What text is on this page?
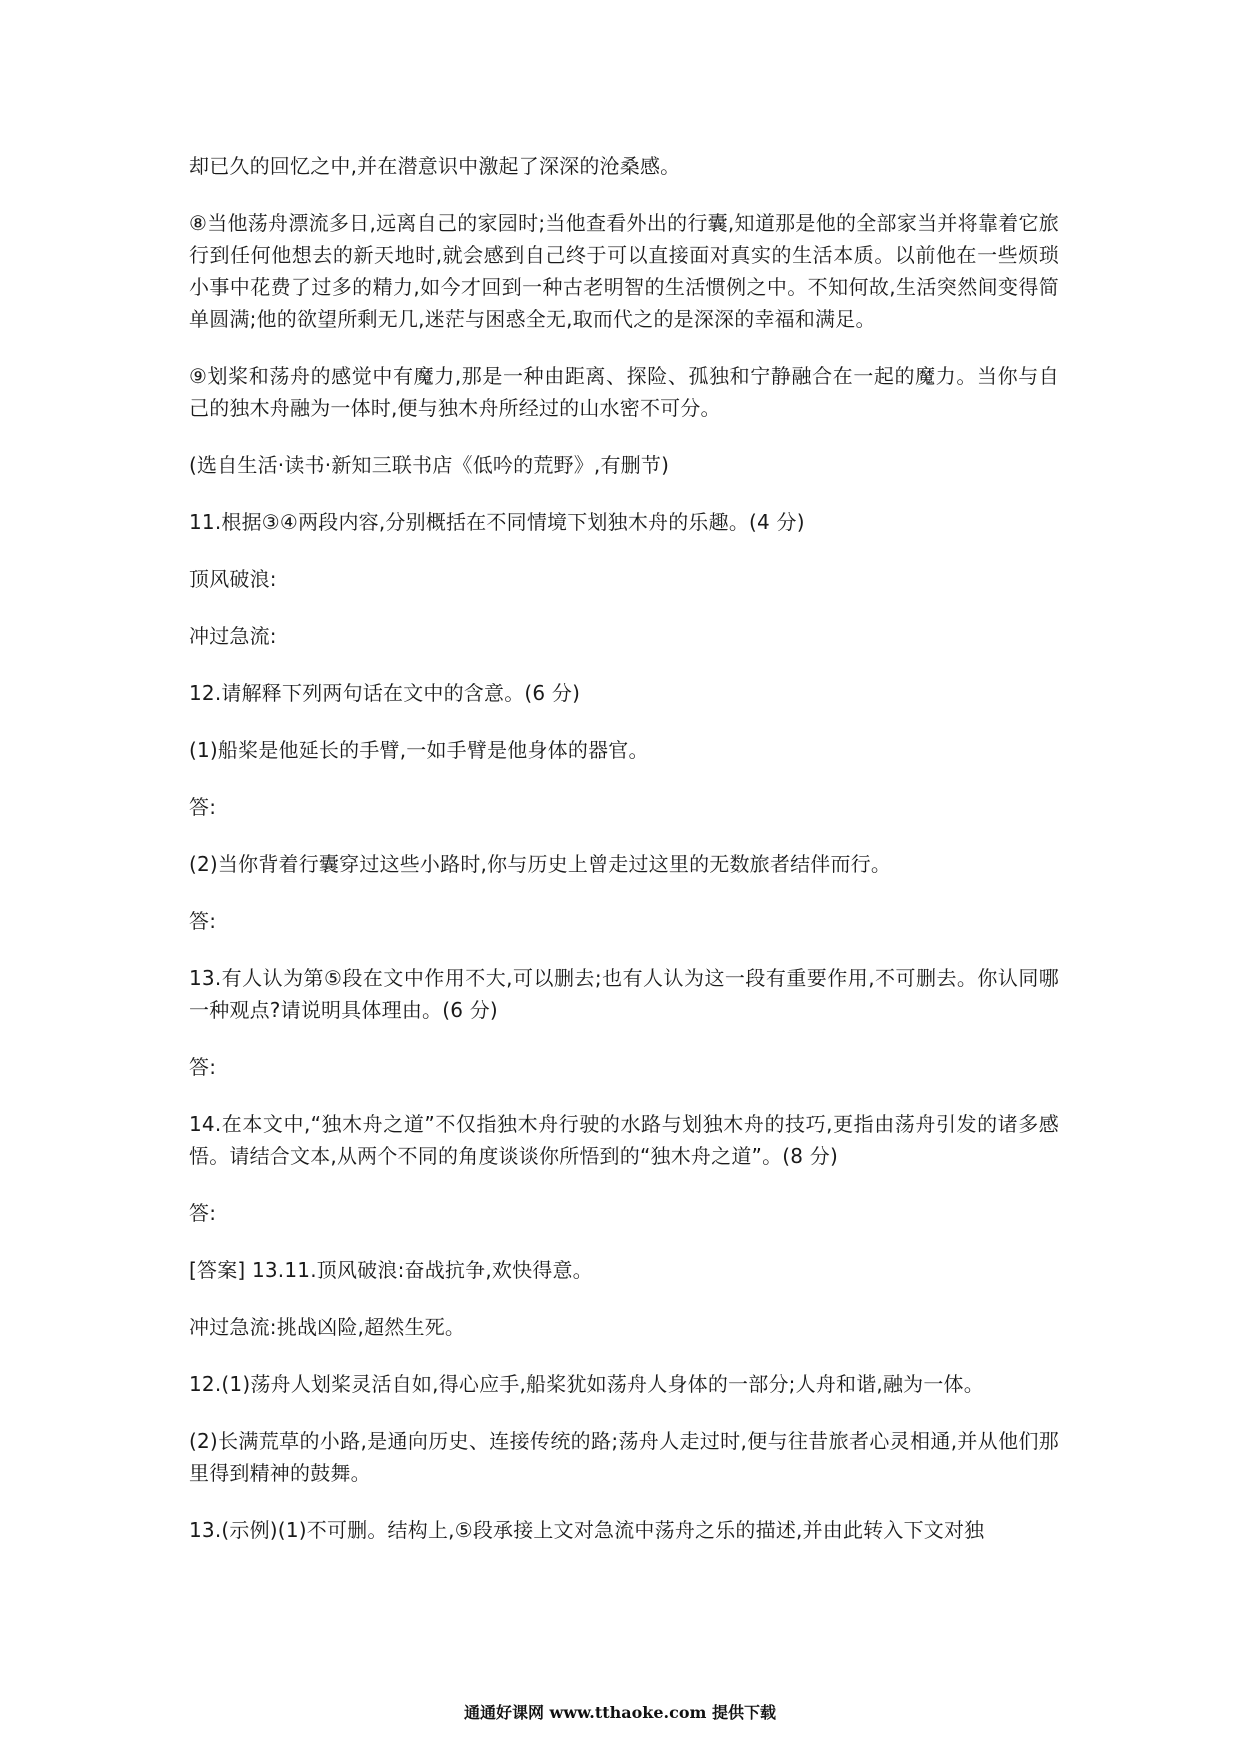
却已久的回忆之中,并在潜意识中激起了深深的沧桑感。

⑧当他荡舟漂流多日,远离自己的家园时;当他查看外出的行囊,知道那是他的全部家当并将靠着它旅行到任何他想去的新天地时,就会感到自己终于可以直接面对真实的生活本质。以前他在一些烦琐小事中花费了过多的精力,如今才回到一种古老明智的生活惯例之中。不知何故,生活突然间变得简单圆满;他的欲望所剩无几,迷茫与困惑全无,取而代之的是深深的幸福和满足。

⑨划桨和荡舟的感觉中有魔力,那是一种由距离、探险、孤独和宁静融合在一起的魔力。当你与自己的独木舟融为一体时,便与独木舟所经过的山水密不可分。

(选自生活·读书·新知三联书店《低吟的荒野》,有删节)

11.根据③④两段内容,分别概括在不同情境下划独木舟的乐趣。(4 分)

顶风破浪:

冲过急流:

12.请解释下列两句话在文中的含意。(6 分)

(1)船桨是他延长的手臂,一如手臂是他身体的器官。

答:

(2)当你背着行囊穿过这些小路时,你与历史上曾走过这里的无数旅者结伴而行。

答:

13.有人认为第⑤段在文中作用不大,可以删去;也有人认为这一段有重要作用,不可删去。你认同哪一种观点?请说明具体理由。(6 分)

答:

14.在本文中,“独木舟之道”不仅指独木舟行驶的水路与划独木舟的技巧,更指由荡舟引发的诸多感悟。请结合文本,从两个不同的角度谈谈你所悟到的“独木舟之道”。(8 分)

答:

[答案] 13.11.顶风破浪:奋战抗争,欢快得意。

冲过急流:挑战凶险,超然生死。

12.(1)荡舟人划桨灵活自如,得心应手,船桨犹如荡舟人身体的一部分;人舟和谐,融为一体。

(2)长满荒草的小路,是通向历史、连接传统的路;荡舟人走过时,便与往昔旅者心灵相通,并从他们那里得到精神的鼓舞。

13.(示例)(1)不可删。结构上,⑤段承接上文对急流中荡舟之乐的描述,并由此转入下文对独

通通好课网 www.tthaoke.com 提供下载
